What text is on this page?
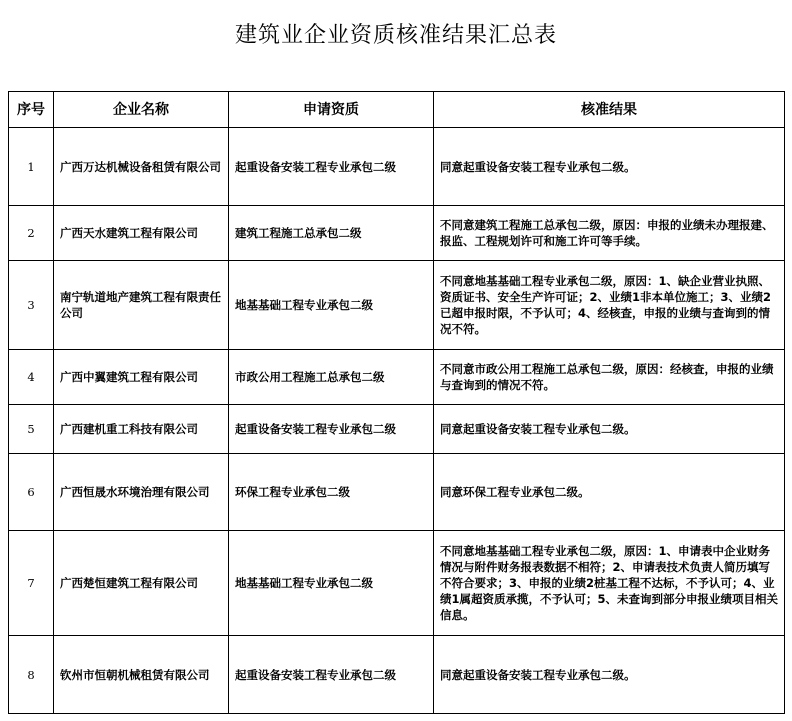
建筑业企业资质核准结果汇总表
序号	企业名称	申请资质	核准结果
1	广西万达机械设备租赁有限公司	起重设备安装工程专业承包二级	同意起重设备安装工程专业承包二级。
2	广西天水建筑工程有限公司	建筑工程施工总承包二级	不同意建筑工程施工总承包二级，原因：申报的业绩未办理报建、报监、工程规划许可和施工许可等手续。
3	南宁轨道地产建筑工程有限责任公司	地基基础工程专业承包二级	不同意地基基础工程专业承包二级，原因：1、缺企业营业执照、资质证书、安全生产许可证；2、业绩1非本单位施工；3、业绩2已超申报时限，不予认可；4、经核查，申报的业绩与查询到的情况不符。
4	广西中翼建筑工程有限公司	市政公用工程施工总承包二级	不同意市政公用工程施工总承包二级，原因：经核查，申报的业绩与查询到的情况不符。
5	广西建机重工科技有限公司	起重设备安装工程专业承包二级	同意起重设备安装工程专业承包二级。
6	广西恒晟水环境治理有限公司	环保工程专业承包二级	同意环保工程专业承包二级。
7	广西楚恒建筑工程有限公司	地基基础工程专业承包二级	不同意地基基础工程专业承包二级，原因：1、申请表中企业财务情况与附件财务报表数据不相符；2、申请表技术负责人简历填写不符合要求；3、申报的业绩2桩基工程不达标，不予认可；4、业绩1属超资质承揽，不予认可；5、未查询到部分申报业绩项目相关信息。
8	钦州市恒朝机械租赁有限公司	起重设备安装工程专业承包二级	同意起重设备安装工程专业承包二级。
